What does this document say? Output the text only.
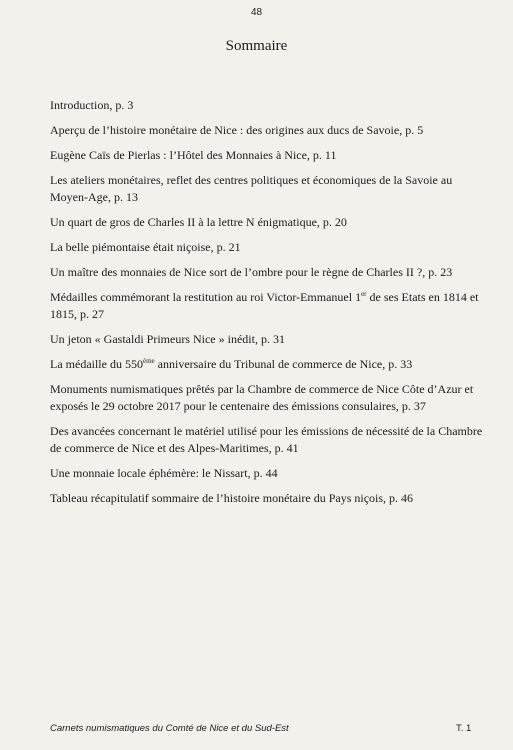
48
Sommaire
Introduction, p. 3
Aperçu de l’histoire monétaire de Nice : des origines aux ducs de Savoie, p. 5
Eugène Caïs de Pierlas : l’Hôtel des Monnaies à Nice, p. 11
Les ateliers monétaires, reflet des centres politiques et économiques de la Savoie au Moyen-Age, p. 13
Un quart de gros de Charles II à la lettre N énigmatique, p. 20
La belle piémontaise était niçoise, p. 21
Un maître des monnaies de Nice sort de l’ombre pour le règne de Charles II ?, p. 23
Médailles commémorant la restitution au roi Victor-Emmanuel 1er de ses Etats en 1814 et 1815, p. 27
Un jeton « Gastaldi Primeurs Nice » inédit, p. 31
La médaille du 550ème anniversaire du Tribunal de commerce de Nice, p. 33
Monuments numismatiques prêtés par la Chambre de commerce de Nice Côte d’Azur et exposés le 29 octobre 2017 pour le centenaire des émissions consulaires, p. 37
Des avancées concernant le matériel utilisé pour les émissions de nécessité de la Chambre de commerce de Nice et des Alpes-Maritimes, p. 41
Une monnaie locale éphémère: le Nissart, p. 44
Tableau récapitulatif sommaire de l’histoire monétaire du Pays niçois, p. 46
Carnets numismatiques du Comté de Nice et du Sud-Est	T. 1
